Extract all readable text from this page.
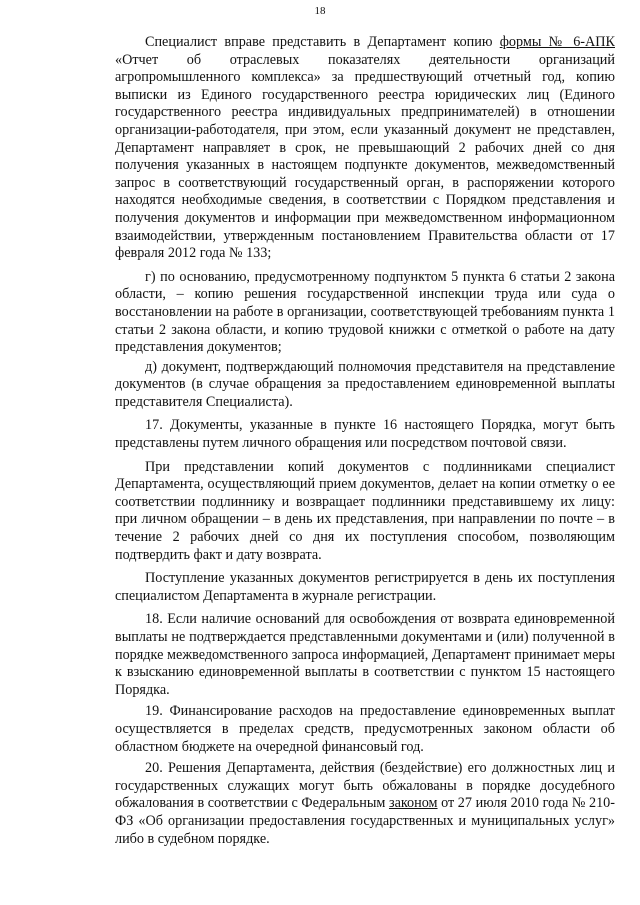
18

Специалист вправе представить в Департамент копию формы № 6-АПК «Отчет об отраслевых показателях деятельности организаций агропромышленного комплекса» за предшествующий отчетный год, копию выписки из Единого государственного реестра юридических лиц (Единого государственного реестра индивидуальных предпринимателей) в отношении организации-работодателя, при этом, если указанный документ не представлен, Департамент направляет в срок, не превышающий 2 рабочих дней со дня получения указанных в настоящем подпункте документов, межведомственный запрос в соответствующий государственный орган, в распоряжении которого находятся необходимые сведения, в соответствии с Порядком представления и получения документов и информации при межведомственном информационном взаимодействии, утвержденным постановлением Правительства области от 17 февраля 2012 года № 133;

г) по основанию, предусмотренному подпунктом 5 пункта 6 статьи 2 закона области, – копию решения государственной инспекции труда или суда о восстановлении на работе в организации, соответствующей требованиям пункта 1 статьи 2 закона области, и копию трудовой книжки с отметкой о работе на дату представления документов;

д) документ, подтверждающий полномочия представителя на представление документов (в случае обращения за предоставлением единовременной выплаты представителя Специалиста).

17. Документы, указанные в пункте 16 настоящего Порядка, могут быть представлены путем личного обращения или посредством почтовой связи.

При представлении копий документов с подлинниками специалист Департамента, осуществляющий прием документов, делает на копии отметку о ее соответствии подлиннику и возвращает подлинники представившему их лицу: при личном обращении – в день их представления, при направлении по почте – в течение 2 рабочих дней со дня их поступления способом, позволяющим подтвердить факт и дату возврата.

Поступление указанных документов регистрируется в день их поступления специалистом Департамента в журнале регистрации.

18. Если наличие оснований для освобождения от возврата единовременной выплаты не подтверждается представленными документами и (или) полученной в порядке межведомственного запроса информацией, Департамент принимает меры к взысканию единовременной выплаты в соответствии с пунктом 15 настоящего Порядка.

19. Финансирование расходов на предоставление единовременных выплат осуществляется в пределах средств, предусмотренных законом области об областном бюджете на очередной финансовый год.

20. Решения Департамента, действия (бездействие) его должностных лиц и государственных служащих могут быть обжалованы в порядке досудебного обжалования в соответствии с Федеральным законом от 27 июля 2010 года № 210-ФЗ «Об организации предоставления государственных и муниципальных услуг» либо в судебном порядке.
